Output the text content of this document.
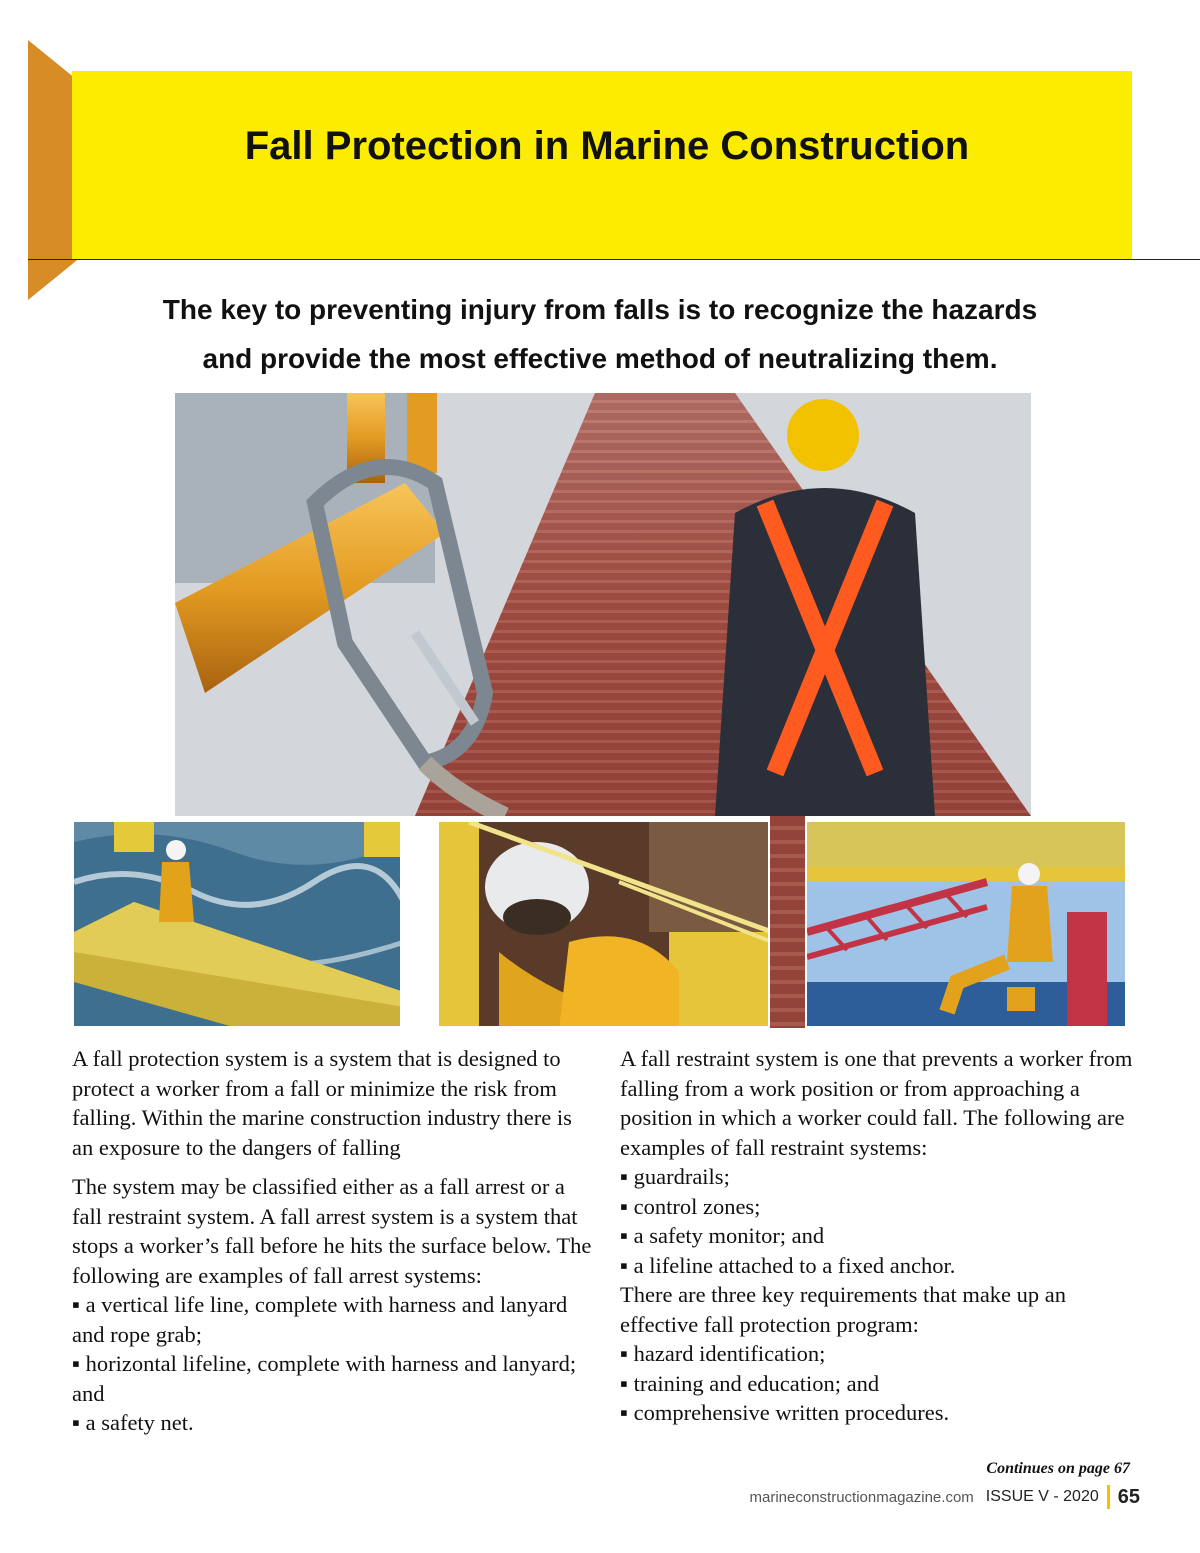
Fall Protection in Marine Construction
The key to preventing injury from falls is to recognize the hazards
and provide the most effective method of neutralizing them.

A fall protection system is a system that is designed to protect a worker from a fall or minimize the risk from falling. Within the marine construction industry there is an exposure to the dangers of falling

The system may be classified either as a fall arrest or a fall restraint system. A fall arrest system is a system that stops a worker’s fall before he hits the surface below. The following are examples of fall arrest systems:

▪ a vertical life line, complete with harness and lanyard and rope grab;
▪ horizontal lifeline, complete with harness and lanyard; and
▪ a safety net.

A fall restraint system is one that prevents a worker from falling from a work position or from approaching a position in which a worker could fall. The following are examples of fall restraint systems:

▪ guardrails;
▪ control zones;
▪ a safety monitor; and
▪ a lifeline attached to a fixed anchor.

There are three key requirements that make up an effective fall protection program:

▪ hazard identification;
▪ training and education; and
▪ comprehensive written procedures.
Continues on page 67
marineconstructionmagazine.com ISSUE V - 2020 65
